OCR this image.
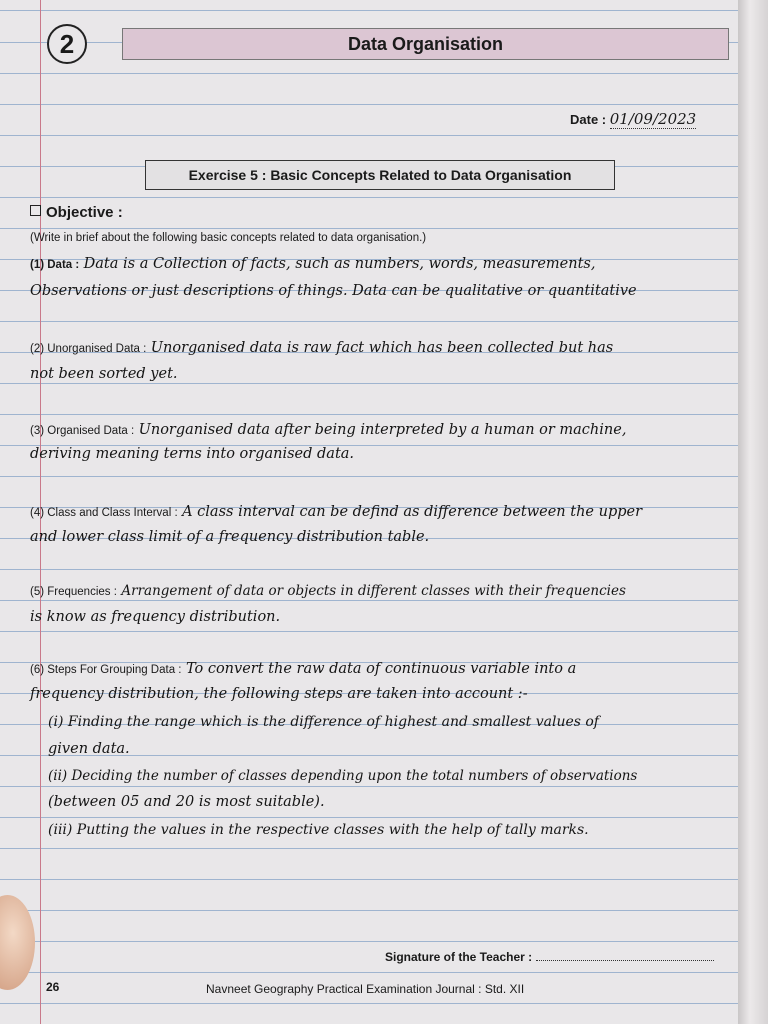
2	Data Organisation
Date : 01/09/2023
Exercise 5 : Basic Concepts Related to Data Organisation
Objective :
(Write in brief about the following basic concepts related to data organisation.)
(1) Data : Data is a Collection of facts, such as numbers, words, measurements,
Observations or just descriptions of things. Data can be qualitative or quantitative
(2) Unorganised Data : Unorganised data is raw fact which has been collected but has
not been sorted yet.
(3) Organised Data : Unorganised data after being interpreted by a human or machine,
deriving meaning terns into organised data.
(4) Class and Class Interval : A class interval can be defind as difference between the upper
and lower class limit of a frequency distribution table.
(5) Frequencies : Arrangement of data or objects in different classes with their frequencies
is know as frequency distribution.
(6) Steps For Grouping Data : To convert the raw data of continuous variable into a
frequency distribution, the following steps are taken into account :-
(i) Finding the range which is the difference of highest and smallest values of
given data.
(ii) Deciding the number of classes depending upon the total numbers of observations
(between 05 and 20 is most suitable).
(iii) Putting the values in the respective classes with the help of tally marks.
Signature of the Teacher :
26	Navneet Geography Practical Examination Journal : Std. XII
